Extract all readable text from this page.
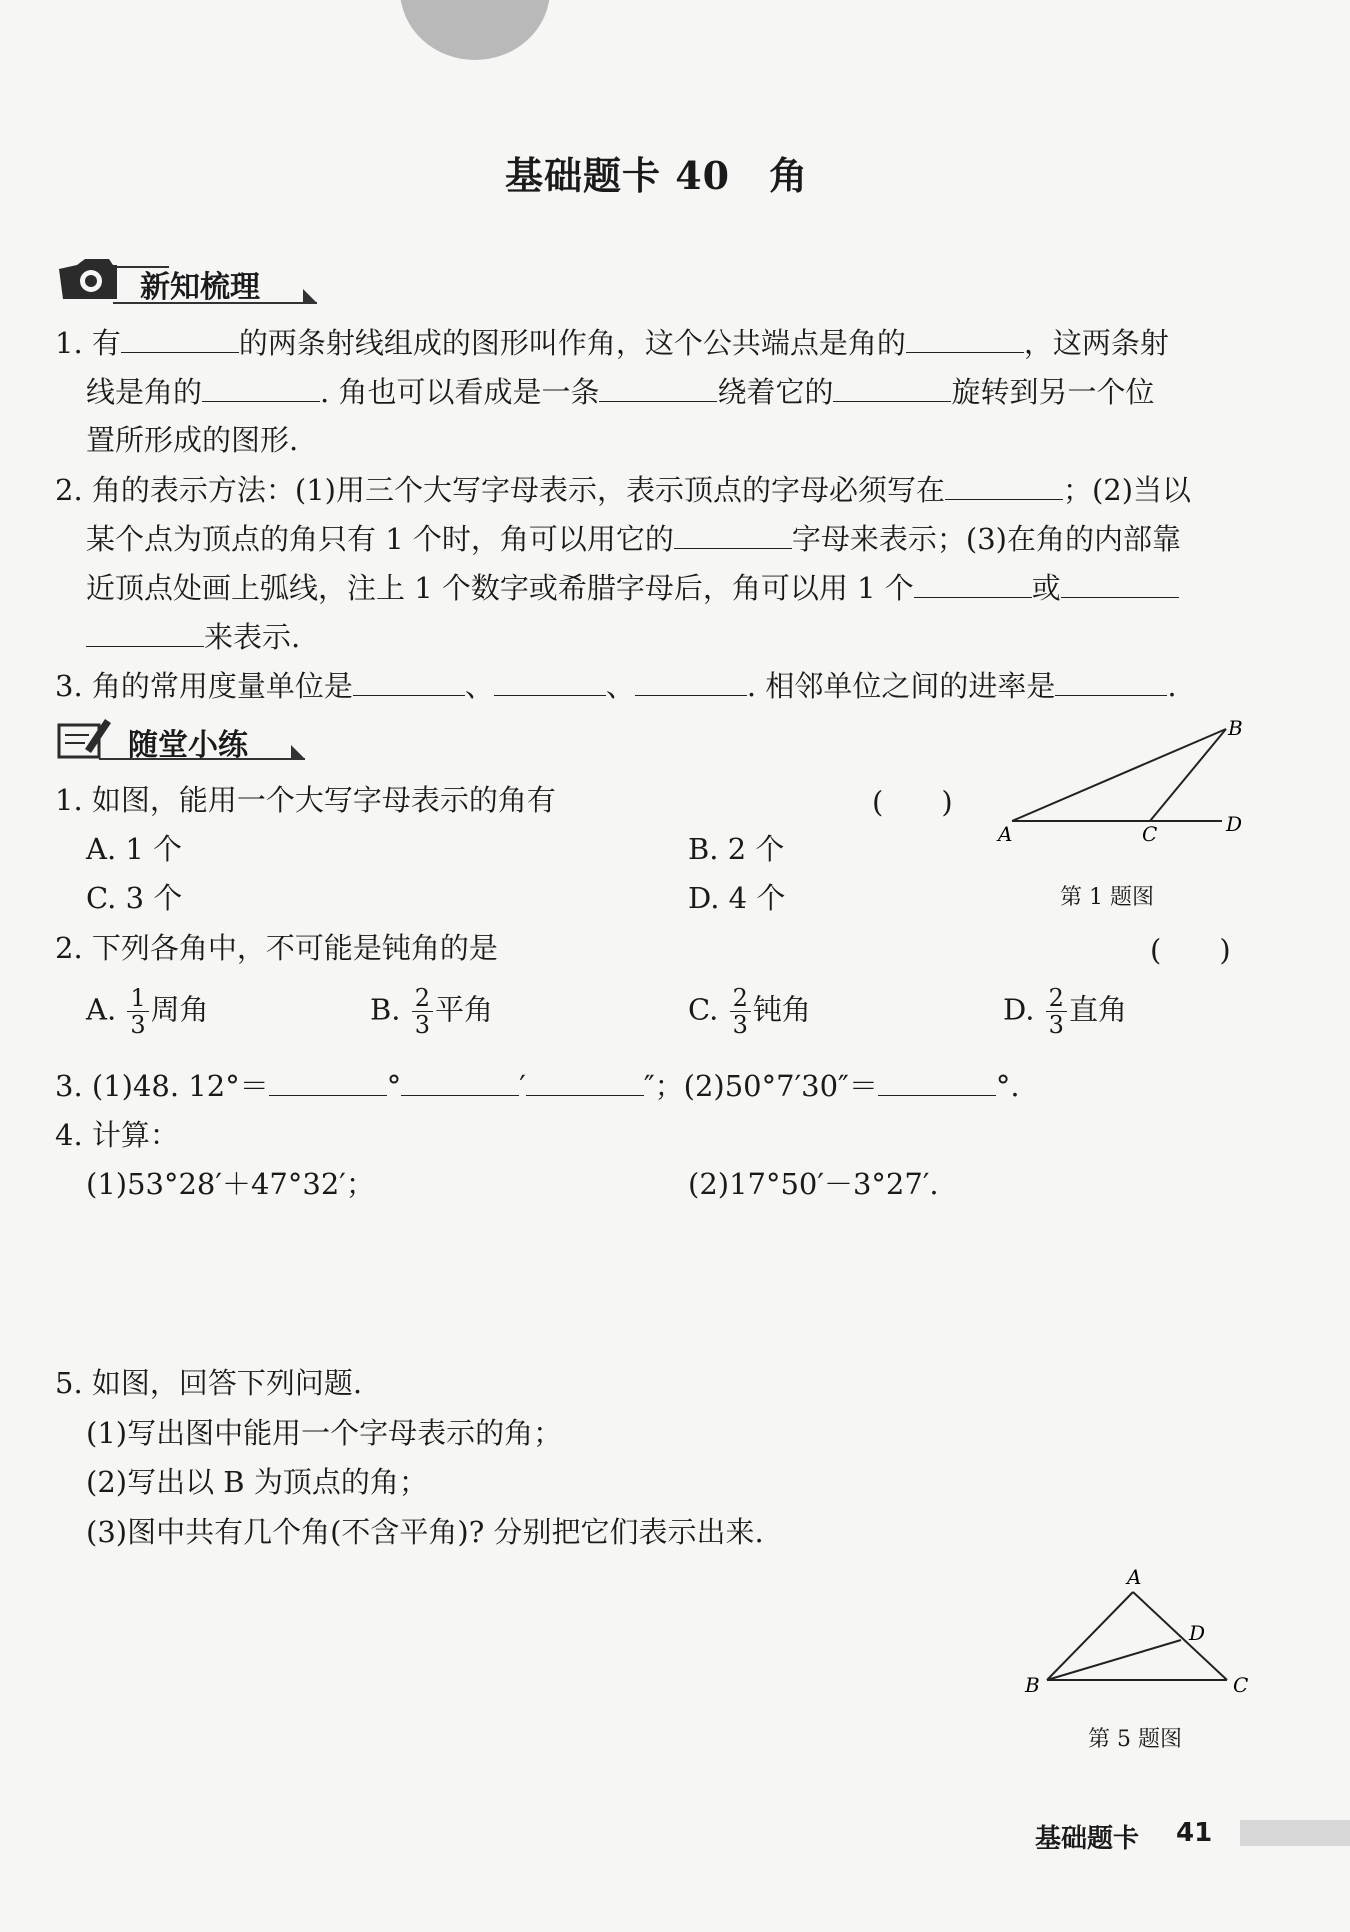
基础题卡 40　角
新知梳理
1. 有	的两条射线组成的图形叫作角，这个公共端点是角的	，这两条射
线是角的	. 角也可以看成是一条	绕着它的	旋转到另一个位
置所形成的图形.
2. 角的表示方法：(1)用三个大写字母表示，表示顶点的字母必须写在	；(2)当以
某个点为顶点的角只有 1 个时，角可以用它的	字母来表示；(3)在角的内部靠
近顶点处画上弧线，注上 1 个数字或希腊字母后，角可以用 1 个	或
来表示.
3. 角的常用度量单位是	、	、	. 相邻单位之间的进率是	.
随堂小练
1. 如图，能用一个大写字母表示的角有	(　　)
A. 1 个	B. 2 个
C. 3 个	D. 4 个
A
B
C	D
第 1 题图
2. 下列各角中，不可能是钝角的是	(　　)
A. $\frac{1}{3}$ 周角	B. $\frac{2}{3}$ 平角	C. $\frac{2}{3}$ 钝角	D. $\frac{2}{3}$ 直角
3. (1)48. 12°＝	°	′	″；(2)50°7′30″＝	°.
4. 计算：
(1)53°28′＋47°32′；	(2)17°50′－3°27′.
5. 如图，回答下列问题.
(1)写出图中能用一个字母表示的角；
(2)写出以 B 为顶点的角；
(3)图中共有几个角(不含平角)? 分别把它们表示出来.
A
B	C
D
第 5 题图
基础题卡 41
